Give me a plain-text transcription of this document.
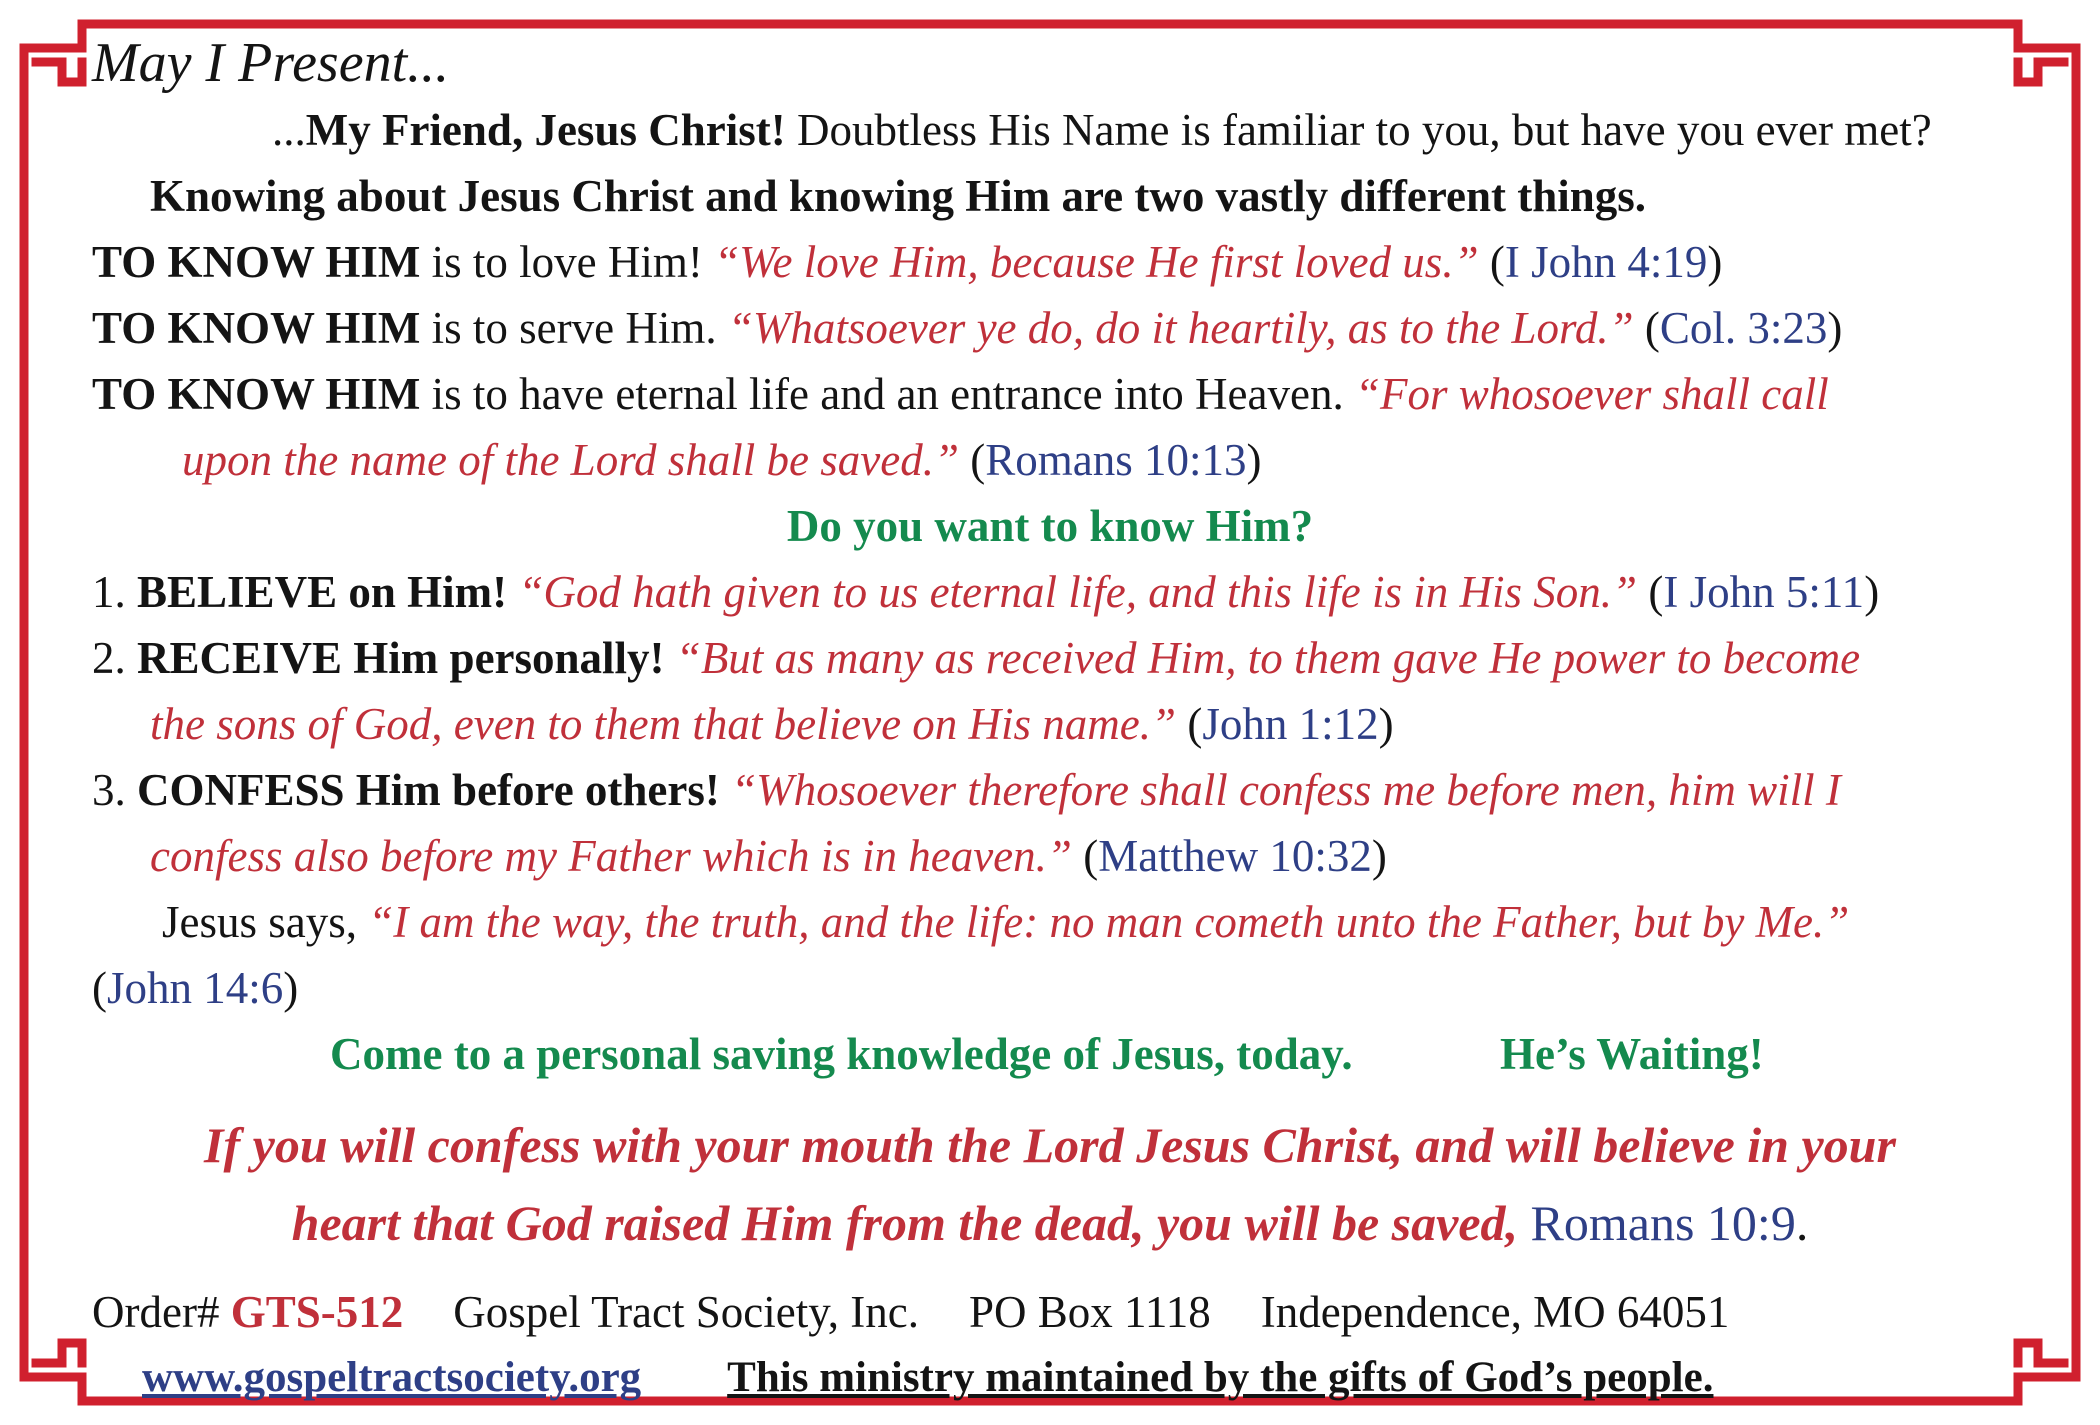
May I Present...
...My Friend, Jesus Christ! Doubtless His Name is familiar to you, but have you ever met?
Knowing about Jesus Christ and knowing Him are two vastly different things.
TO KNOW HIM is to love Him! “We love Him, because He first loved us.” (I John 4:19)
TO KNOW HIM is to serve Him. “Whatsoever ye do, do it heartily, as to the Lord.” (Col. 3:23)
TO KNOW HIM is to have eternal life and an entrance into Heaven. “For whosoever shall call
upon the name of the Lord shall be saved.” (Romans 10:13)
Do you want to know Him?
1. BELIEVE on Him! “God hath given to us eternal life, and this life is in His Son.” (I John 5:11)
2. RECEIVE Him personally! “But as many as received Him, to them gave He power to become
the sons of God, even to them that believe on His name.” (John 1:12)
3. CONFESS Him before others! “Whosoever therefore shall confess me before men, him will I
confess also before my Father which is in heaven.” (Matthew 10:32)
Jesus says, “I am the way, the truth, and the life: no man cometh unto the Father, but by Me.”
(John 14:6)
Come to a personal saving knowledge of Jesus, today.	He’s Waiting!
If you will confess with your mouth the Lord Jesus Christ, and will believe in your
heart that God raised Him from the dead, you will be saved, Romans 10:9.
Order# GTS-512 Gospel Tract Society, Inc. PO Box 1118 Independence, MO 64051
www.gospeltractsociety.org This ministry maintained by the gifts of God’s people.
